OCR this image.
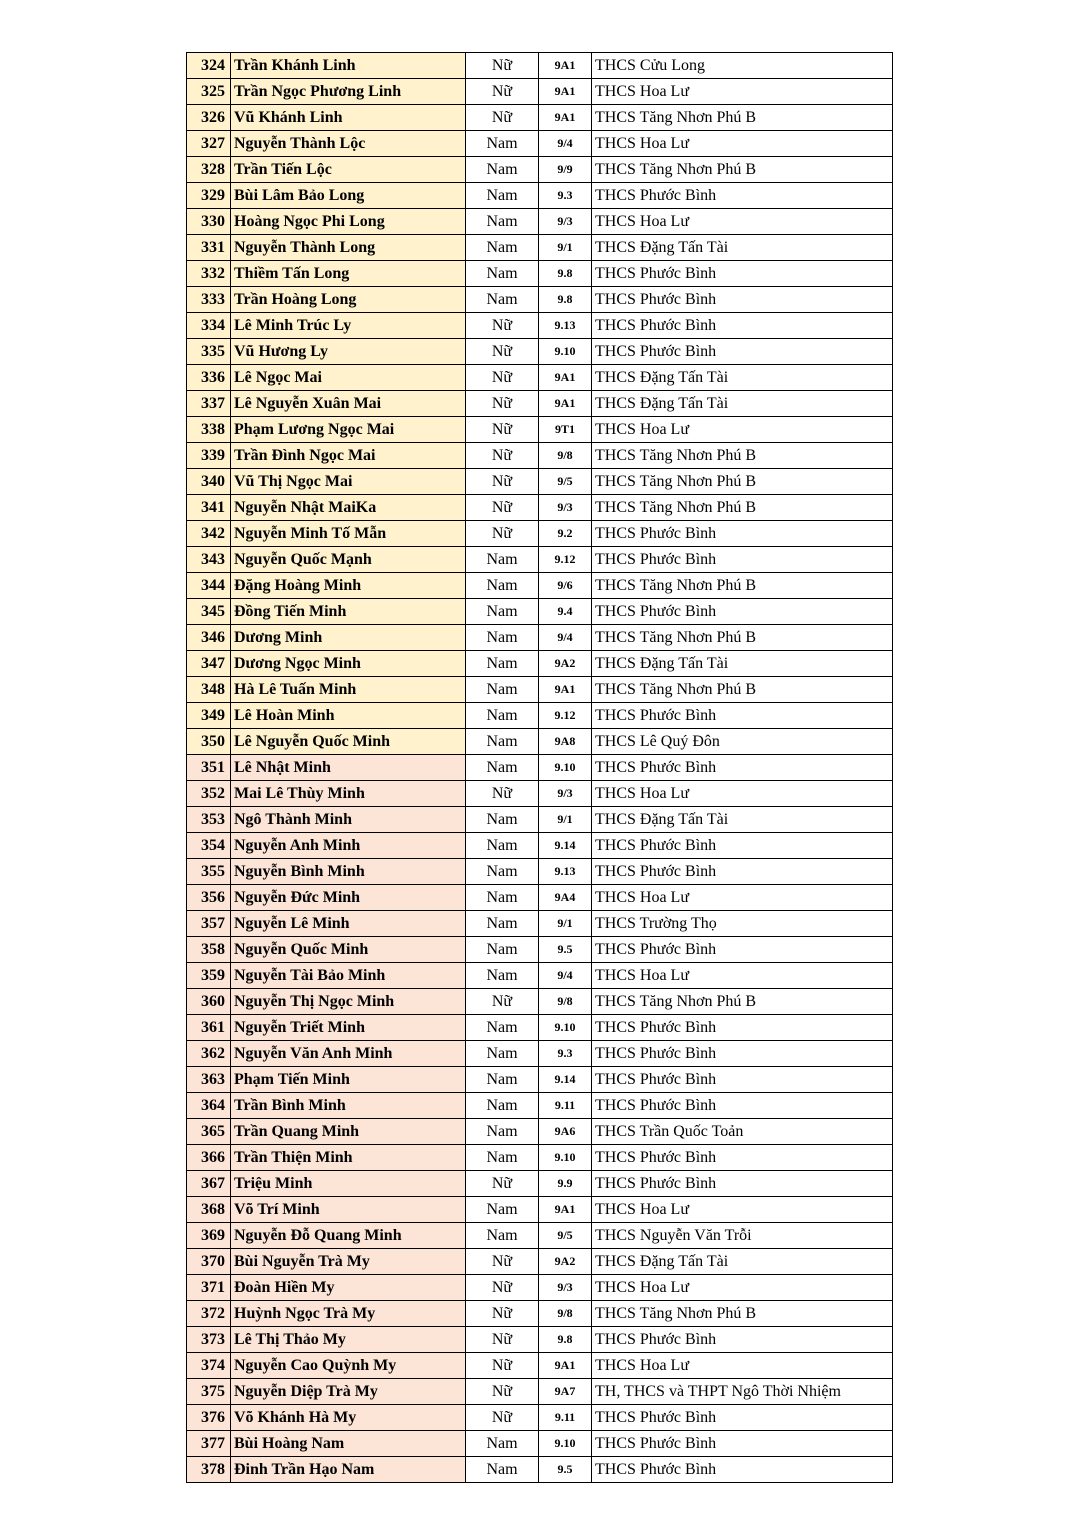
324	Trần Khánh Linh	Nữ	9A1	THCS Cửu Long
325	Trần Ngọc Phương Linh	Nữ	9A1	THCS Hoa Lư
326	Vũ Khánh Linh	Nữ	9A1	THCS Tăng Nhơn Phú B
327	Nguyễn Thành Lộc	Nam	9/4	THCS Hoa Lư
328	Trần Tiến Lộc	Nam	9/9	THCS Tăng Nhơn Phú B
329	Bùi Lâm Bảo Long	Nam	9.3	THCS Phước Bình
330	Hoàng Ngọc Phi Long	Nam	9/3	THCS Hoa Lư
331	Nguyễn Thành Long	Nam	9/1	THCS Đặng Tấn Tài
332	Thiềm Tấn Long	Nam	9.8	THCS Phước Bình
333	Trần Hoàng Long	Nam	9.8	THCS Phước Bình
334	Lê Minh Trúc Ly	Nữ	9.13	THCS Phước Bình
335	Vũ Hương Ly	Nữ	9.10	THCS Phước Bình
336	Lê Ngọc Mai	Nữ	9A1	THCS Đặng Tấn Tài
337	Lê Nguyễn Xuân Mai	Nữ	9A1	THCS Đặng Tấn Tài
338	Phạm Lương Ngọc Mai	Nữ	9T1	THCS Hoa Lư
339	Trần Đình Ngọc Mai	Nữ	9/8	THCS Tăng Nhơn Phú B
340	Vũ Thị Ngọc Mai	Nữ	9/5	THCS Tăng Nhơn Phú B
341	Nguyễn Nhật MaiKa	Nữ	9/3	THCS Tăng Nhơn Phú B
342	Nguyễn Minh Tố Mẫn	Nữ	9.2	THCS Phước Bình
343	Nguyễn Quốc Mạnh	Nam	9.12	THCS Phước Bình
344	Đặng Hoàng Minh	Nam	9/6	THCS Tăng Nhơn Phú B
345	Đồng Tiến Minh	Nam	9.4	THCS Phước Bình
346	Dương Minh	Nam	9/4	THCS Tăng Nhơn Phú B
347	Dương Ngọc Minh	Nam	9A2	THCS Đặng Tấn Tài
348	Hà Lê Tuấn Minh	Nam	9A1	THCS Tăng Nhơn Phú B
349	Lê Hoàn Minh	Nam	9.12	THCS Phước Bình
350	Lê Nguyễn Quốc Minh	Nam	9A8	THCS Lê Quý Đôn
351	Lê Nhật Minh	Nam	9.10	THCS Phước Bình
352	Mai Lê Thùy Minh	Nữ	9/3	THCS Hoa Lư
353	Ngô Thành Minh	Nam	9/1	THCS Đặng Tấn Tài
354	Nguyễn Anh Minh	Nam	9.14	THCS Phước Bình
355	Nguyễn Bình Minh	Nam	9.13	THCS Phước Bình
356	Nguyễn Đức Minh	Nam	9A4	THCS Hoa Lư
357	Nguyễn Lê Minh	Nam	9/1	THCS Trường Thọ
358	Nguyễn Quốc Minh	Nam	9.5	THCS Phước Bình
359	Nguyễn Tài Bảo Minh	Nam	9/4	THCS Hoa Lư
360	Nguyễn Thị Ngọc Minh	Nữ	9/8	THCS Tăng Nhơn Phú B
361	Nguyễn Triết Minh	Nam	9.10	THCS Phước Bình
362	Nguyễn Văn Anh Minh	Nam	9.3	THCS Phước Bình
363	Phạm Tiến Minh	Nam	9.14	THCS Phước Bình
364	Trần Bình Minh	Nam	9.11	THCS Phước Bình
365	Trần Quang Minh	Nam	9A6	THCS Trần Quốc Toản
366	Trần Thiện Minh	Nam	9.10	THCS Phước Bình
367	Triệu Minh	Nữ	9.9	THCS Phước Bình
368	Võ Trí Minh	Nam	9A1	THCS Hoa Lư
369	Nguyễn Đỗ Quang Minh	Nam	9/5	THCS Nguyễn Văn Trỗi
370	Bùi Nguyễn Trà My	Nữ	9A2	THCS Đặng Tấn Tài
371	Đoàn Hiền My	Nữ	9/3	THCS Hoa Lư
372	Huỳnh Ngọc Trà My	Nữ	9/8	THCS Tăng Nhơn Phú B
373	Lê Thị Thảo My	Nữ	9.8	THCS Phước Bình
374	Nguyễn Cao Quỳnh My	Nữ	9A1	THCS Hoa Lư
375	Nguyễn Diệp Trà My	Nữ	9A7	TH, THCS và THPT Ngô Thời Nhiệm
376	Võ Khánh Hà My	Nữ	9.11	THCS Phước Bình
377	Bùi Hoàng Nam	Nam	9.10	THCS Phước Bình
378	Đinh Trần Hạo Nam	Nam	9.5	THCS Phước Bình
